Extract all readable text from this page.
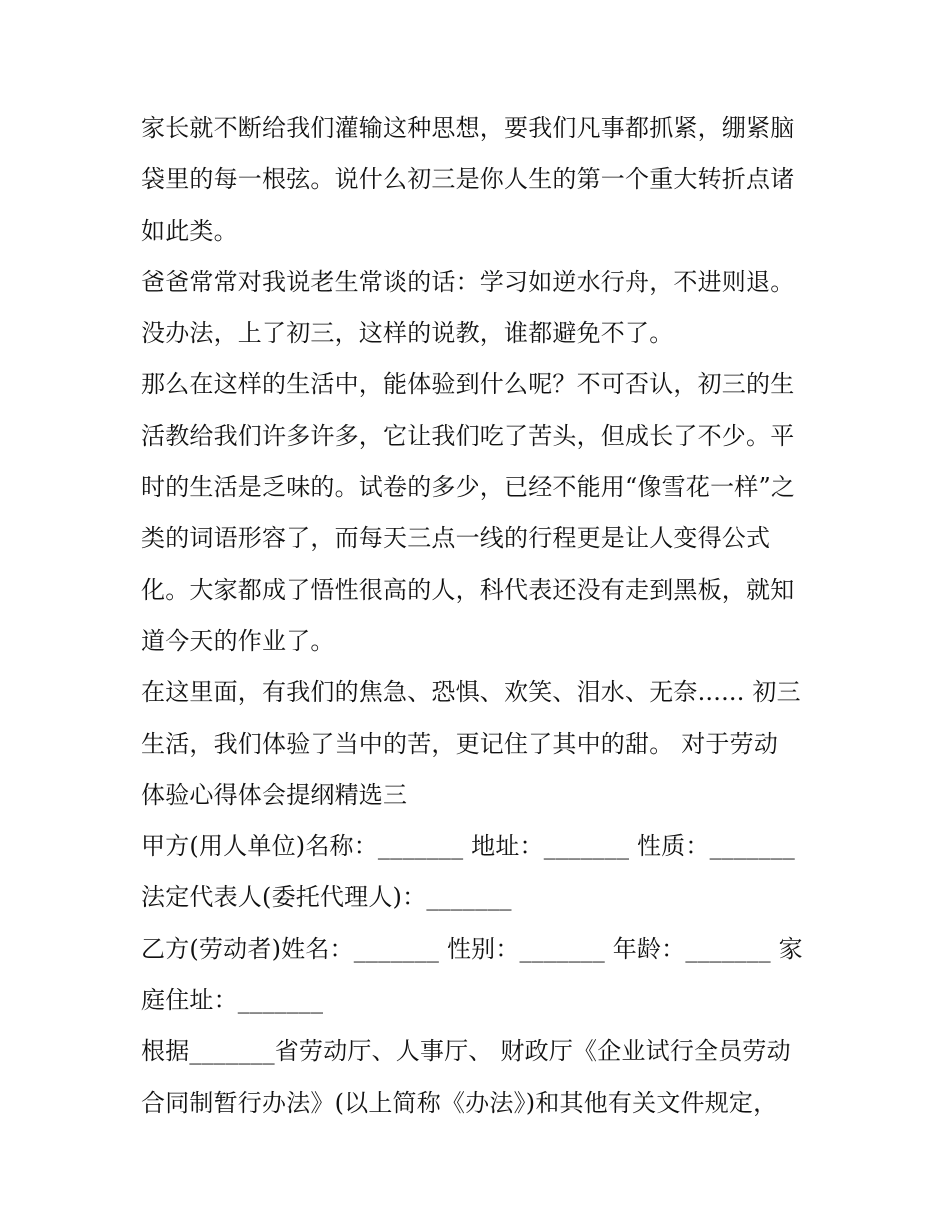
家长就不断给我们灌输这种思想，要我们凡事都抓紧，绷紧脑
袋里的每一根弦。说什么初三是你人生的第一个重大转折点诸
如此类。
爸爸常常对我说老生常谈的话：学习如逆水行舟，不进则退。
没办法，上了初三，这样的说教，谁都避免不了。
那么在这样的生活中，能体验到什么呢？不可否认，初三的生
活教给我们许多许多，它让我们吃了苦头，但成长了不少。平
时的生活是乏味的。试卷的多少，已经不能用“像雪花一样”之
类的词语形容了，而每天三点一线的行程更是让人变得公式
化。大家都成了悟性很高的人，科代表还没有走到黑板，就知
道今天的作业了。
在这里面，有我们的焦急、恐惧、欢笑、泪水、无奈...... 初三
生活，我们体验了当中的苦，更记住了其中的甜。 对于劳动
体验心得体会提纲精选三
甲方(用人单位)名称：_______ 地址：_______ 性质：_______
法定代表人(委托代理人)：_______
乙方(劳动者)姓名：_______ 性别：_______ 年龄：_______ 家
庭住址：_______
根据_______省劳动厅、人事厅、 财政厅《企业试行全员劳动
合同制暂行办法》(以上简称《办法》)和其他有关文件规定，
